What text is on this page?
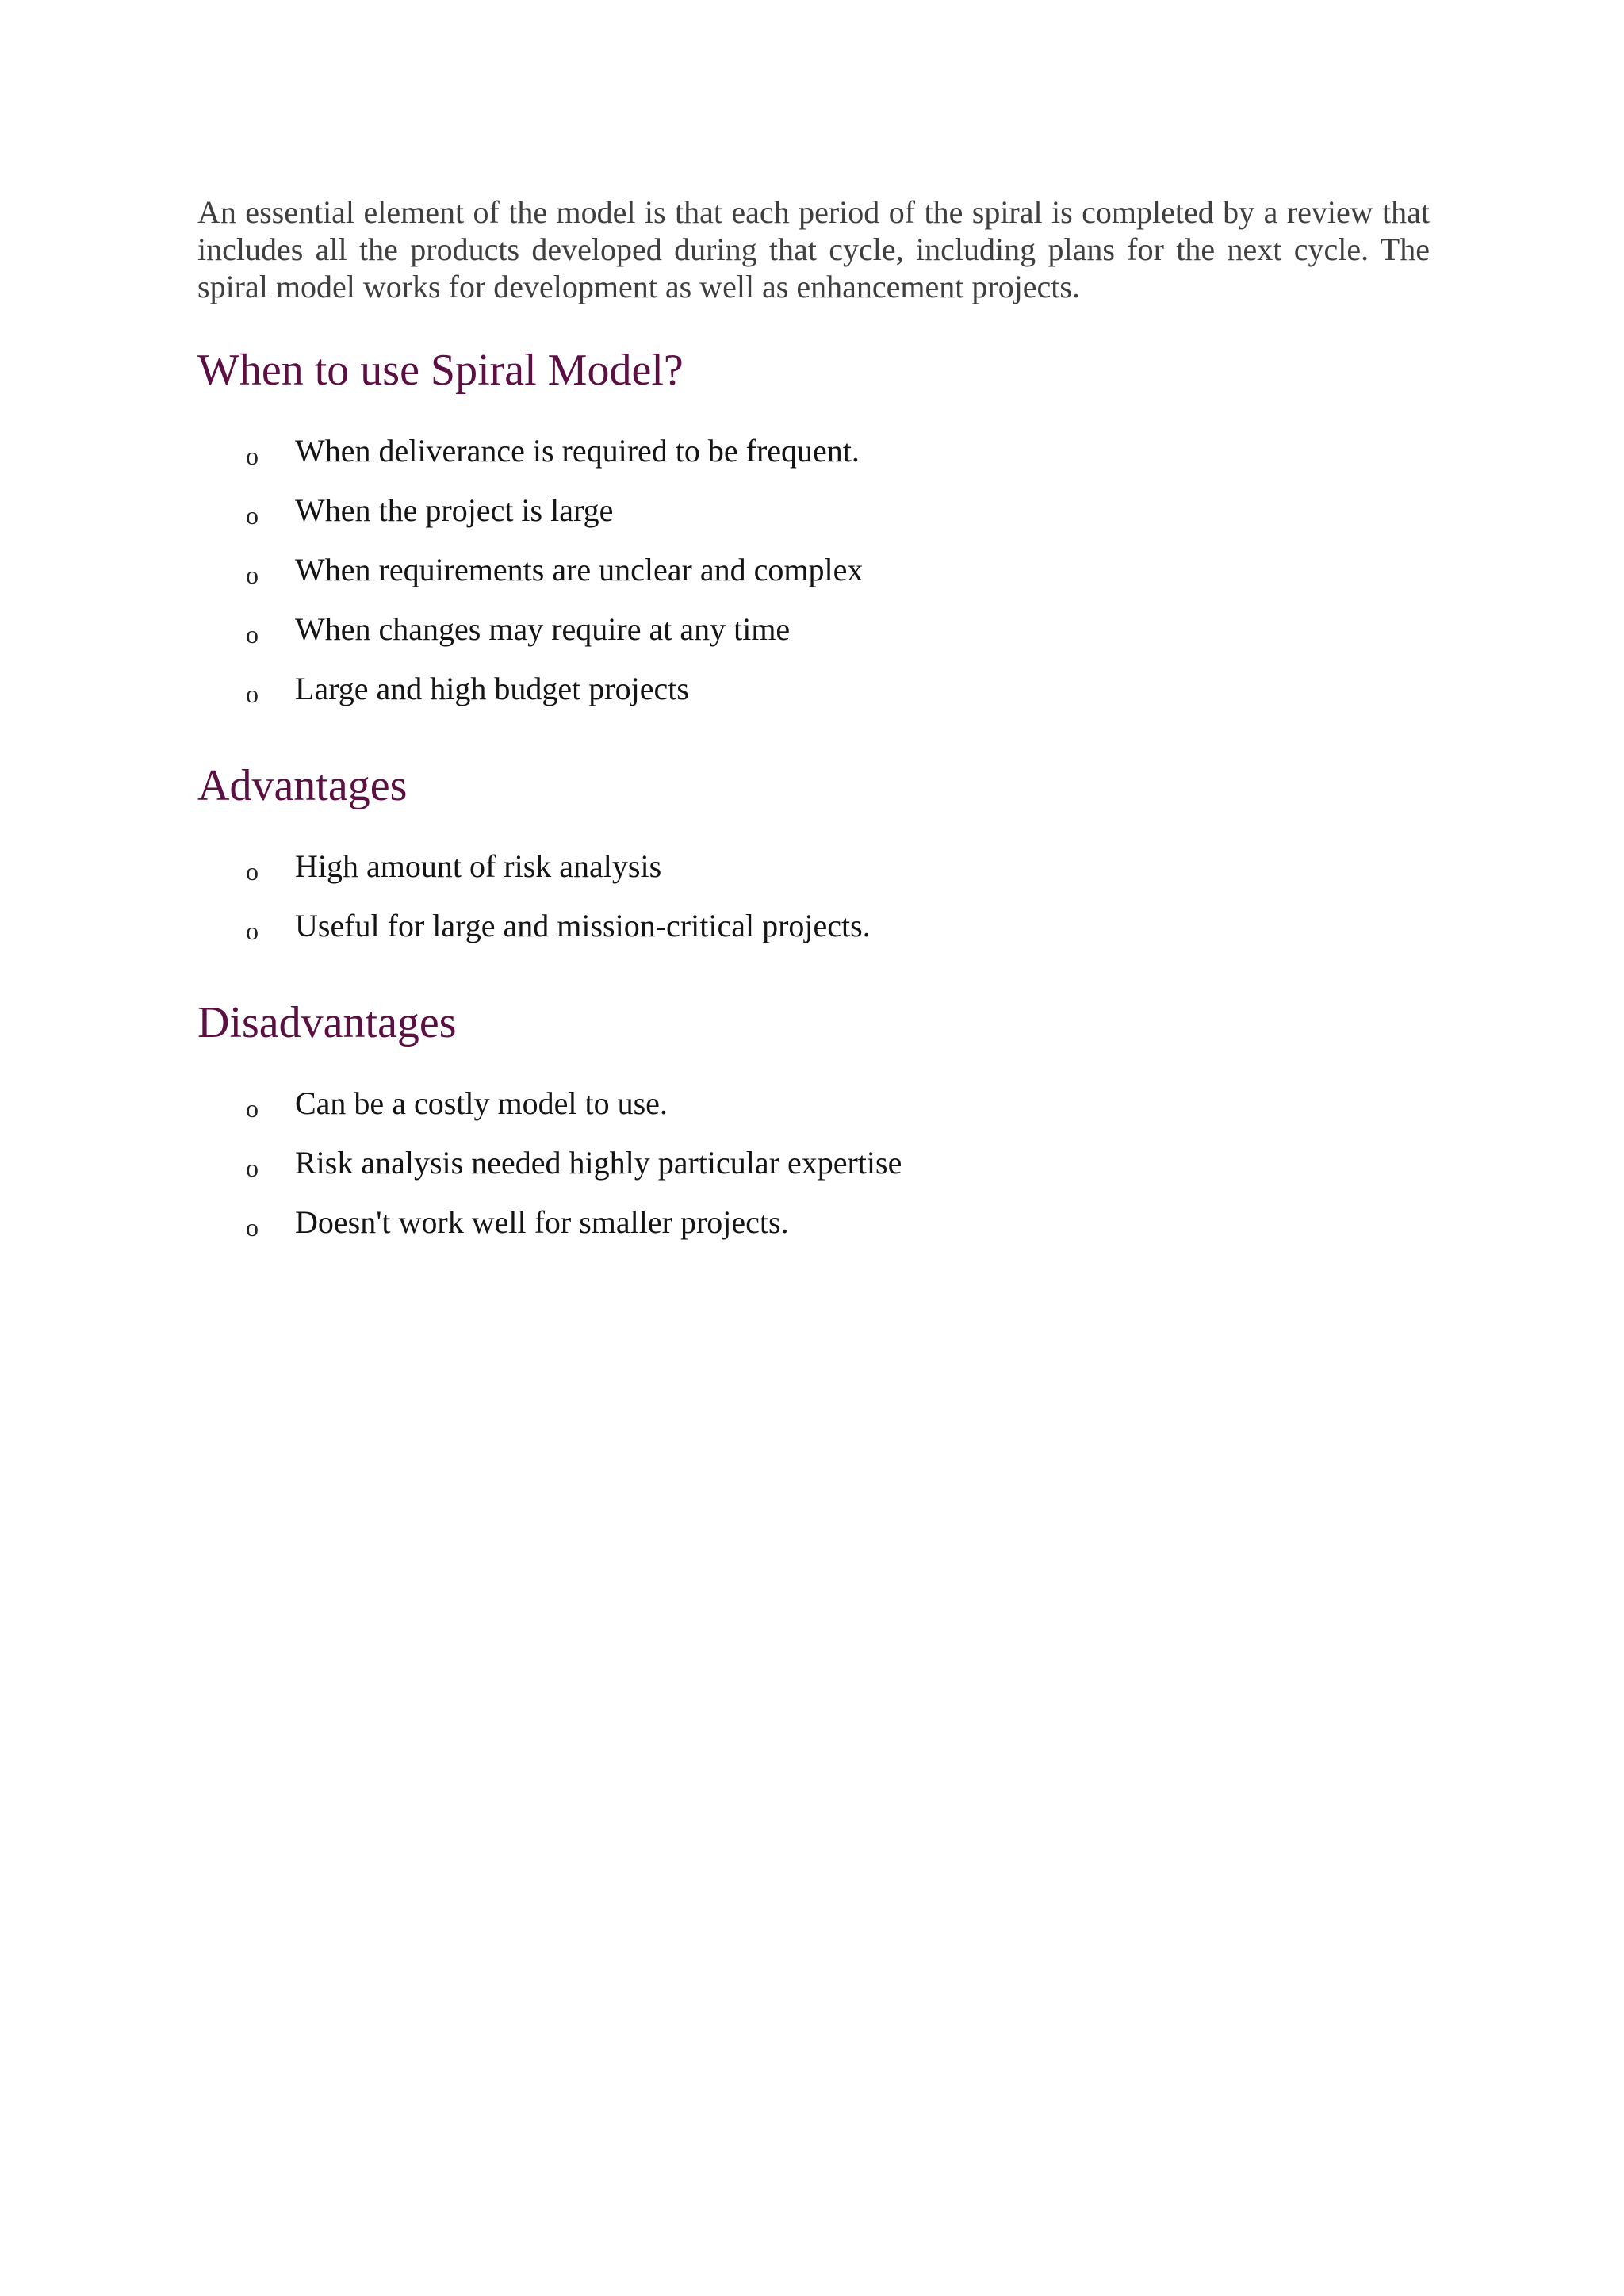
An essential element of the model is that each period of the spiral is completed by a review that includes all the products developed during that cycle, including plans for the next cycle. The spiral model works for development as well as enhancement projects.

When to use Spiral Model?
o When deliverance is required to be frequent.
o When the project is large
o When requirements are unclear and complex
o When changes may require at any time
o Large and high budget projects
Advantages
o High amount of risk analysis
o Useful for large and mission-critical projects.
Disadvantages
o Can be a costly model to use.
o Risk analysis needed highly particular expertise
o Doesn't work well for smaller projects.
